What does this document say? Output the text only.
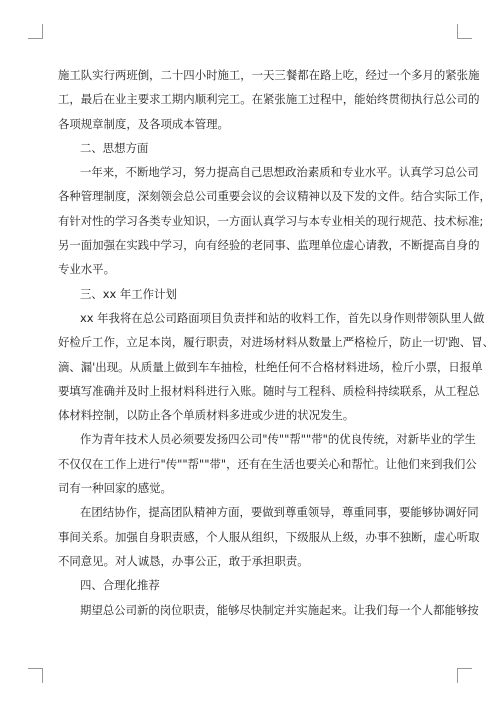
施工队实行两班倒，二十四小时施工，一天三餐都在路上吃，经过一个多月的紧张施
工，最后在业主要求工期内顺利完工。在紧张施工过程中，能始终贯彻执行总公司的
各项规章制度，及各项成本管理。
二、思想方面
一年来，不断地学习，努力提高自己思想政治素质和专业水平。认真学习总公司
各种管理制度，深刻领会总公司重要会议的会议精神以及下发的文件。结合实际工作，
有针对性的学习各类专业知识，一方面认真学习与本专业相关的现行规范、技术标准;
另一面加强在实践中学习，向有经验的老同事、监理单位虚心请教，不断提高自身的
专业水平。
三、xx 年工作计划
xx 年我将在总公司路面项目负责拌和站的收料工作，首先以身作则带领队里人做
好检斤工作，立足本岗，履行职责，对进场材料从数量上严格检斤，防止一切'跑、冒、
滴、漏'出现。从质量上做到车车抽检，杜绝任何不合格材料进场，检斤小票，日报单
要填写准确并及时上报材料科进行入账。随时与工程科、质检科持续联系，从工程总
体材料控制，以防止各个单质材料多进或少进的状况发生。
作为青年技术人员必须要发扬四公司"传""帮""带"的优良传统，对新毕业的学生
不仅仅在工作上进行"传""帮""带"，还有在生活也要关心和帮忙。让他们来到我们公
司有一种回家的感觉。
在团结协作，提高团队精神方面，要做到尊重领导，尊重同事，要能够协调好同
事间关系。加强自身职责感，个人服从组织，下级服从上级，办事不独断，虚心听取
不同意见。对人诚恳，办事公正，敢于承担职责。
四、合理化推荐
期望总公司新的岗位职责，能够尽快制定并实施起来。让我们每一个人都能够按
